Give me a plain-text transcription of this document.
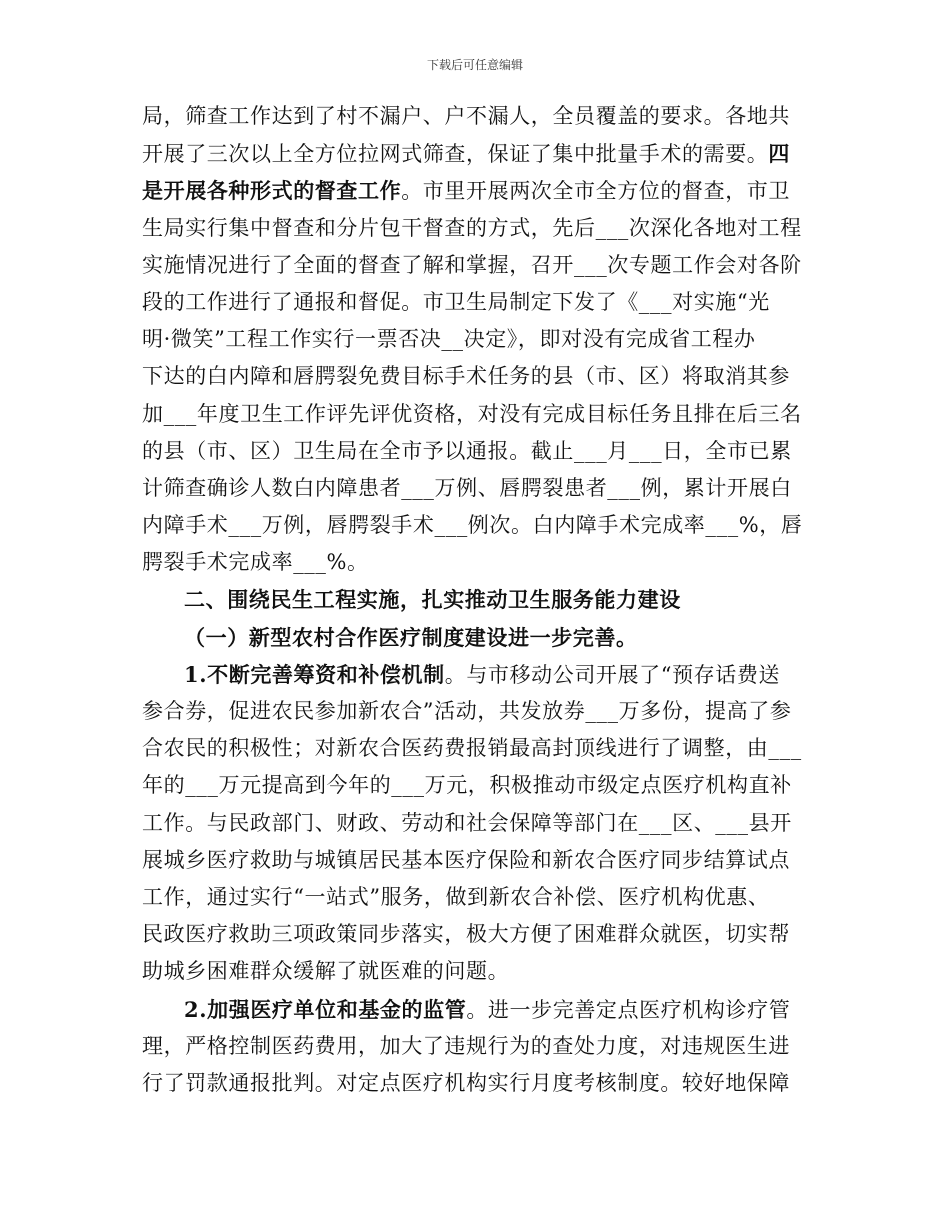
下载后可任意编辑
局，筛查工作达到了村不漏户、户不漏人，全员覆盖的要求。各地共
开展了三次以上全方位拉网式筛查，保证了集中批量手术的需要。四
是开展各种形式的督查工作。市里开展两次全市全方位的督查，市卫
生局实行集中督查和分片包干督查的方式，先后___次深化各地对工程
实施情况进行了全面的督查了解和掌握，召开___次专题工作会对各阶
段的工作进行了通报和督促。市卫生局制定下发了《___对实施“光
明·微笑”工程工作实行一票否决__决定》，即对没有完成省工程办
下达的白内障和唇腭裂免费目标手术任务的县（市、区）将取消其参
加___年度卫生工作评先评优资格，对没有完成目标任务且排在后三名
的县（市、区）卫生局在全市予以通报。截止___月___日，全市已累
计筛查确诊人数白内障患者___万例、唇腭裂患者___例，累计开展白
内障手术___万例，唇腭裂手术___例次。白内障手术完成率___%，唇
腭裂手术完成率___%。
二、围绕民生工程实施，扎实推动卫生服务能力建设
（一）新型农村合作医疗制度建设进一步完善。
1.不断完善筹资和补偿机制。与市移动公司开展了“预存话费送
参合券，促进农民参加新农合”活动，共发放券___万多份，提高了参
合农民的积极性；对新农合医药费报销最高封顶线进行了调整，由___
年的___万元提高到今年的___万元，积极推动市级定点医疗机构直补
工作。与民政部门、财政、劳动和社会保障等部门在___区、___县开
展城乡医疗救助与城镇居民基本医疗保险和新农合医疗同步结算试点
工作，通过实行“一站式”服务，做到新农合补偿、医疗机构优惠、
民政医疗救助三项政策同步落实，极大方便了困难群众就医，切实帮
助城乡困难群众缓解了就医难的问题。
2.加强医疗单位和基金的监管。进一步完善定点医疗机构诊疗管
理，严格控制医药费用，加大了违规行为的查处力度，对违规医生进
行了罚款通报批判。对定点医疗机构实行月度考核制度。较好地保障
